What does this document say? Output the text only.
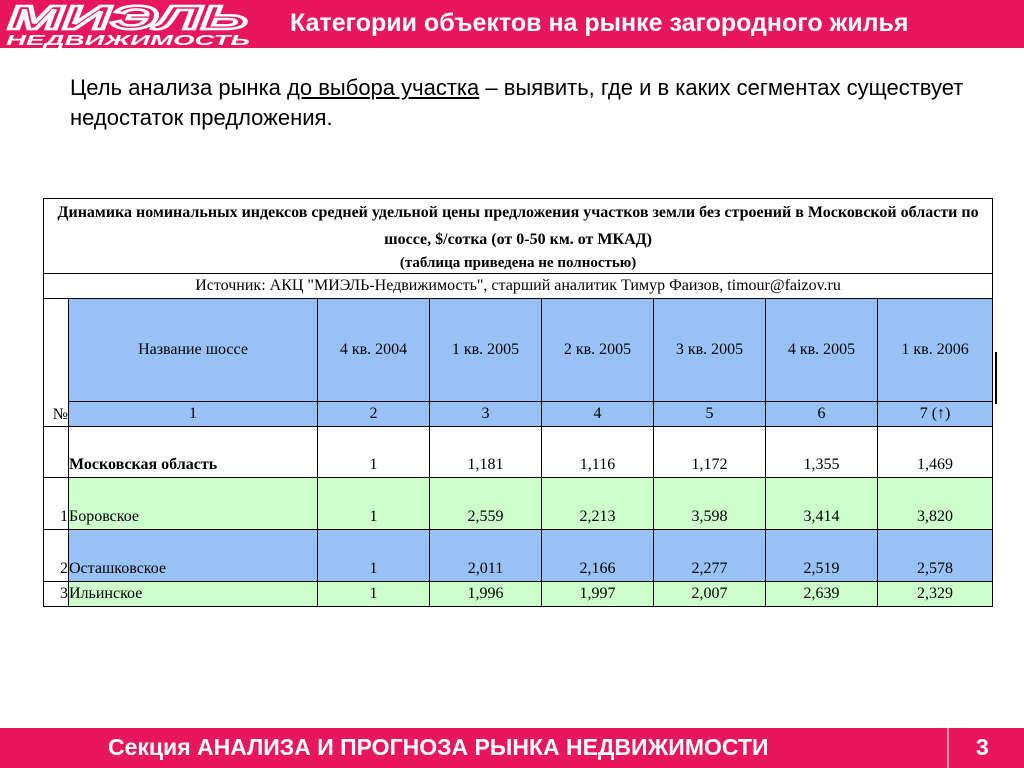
МИЭЛЬ
НЕДВИЖИМОСТЬ
Категории объектов на рынке загородного жилья
Цель анализа рынка до выбора участка – выявить, где и в каких сегментах существует недостаток предложения.
Динамика номинальных индексов средней удельной цены предложения участков земли без строений в Московской области по шоссе, $/сотка (от 0-50 км. от МКАД)
(таблица приведена не полностью)							

Источник: АКЦ "МИЭЛЬ-Недвижимость", старший аналитик Тимур Фаизов, timour@faizov.ru							
№	Название шоссе	4 кв. 2004	1 кв. 2005	2 кв. 2005	3 кв. 2005	4 кв. 2005	1 кв. 2006
	1	2	3	4	5	6	7 (↑)
	Московская область	1	1,181	1,116	1,172	1,355	1,469
1	Боровское	1	2,559	2,213	3,598	3,414	3,820
2	Осташковское	1	2,011	2,166	2,277	2,519	2,578
3	Ильинское	1	1,996	1,997	2,007	2,639	2,329
Секция АНАЛИЗА И ПРОГНОЗА РЫНКА НЕДВИЖИМОСТИ	3
